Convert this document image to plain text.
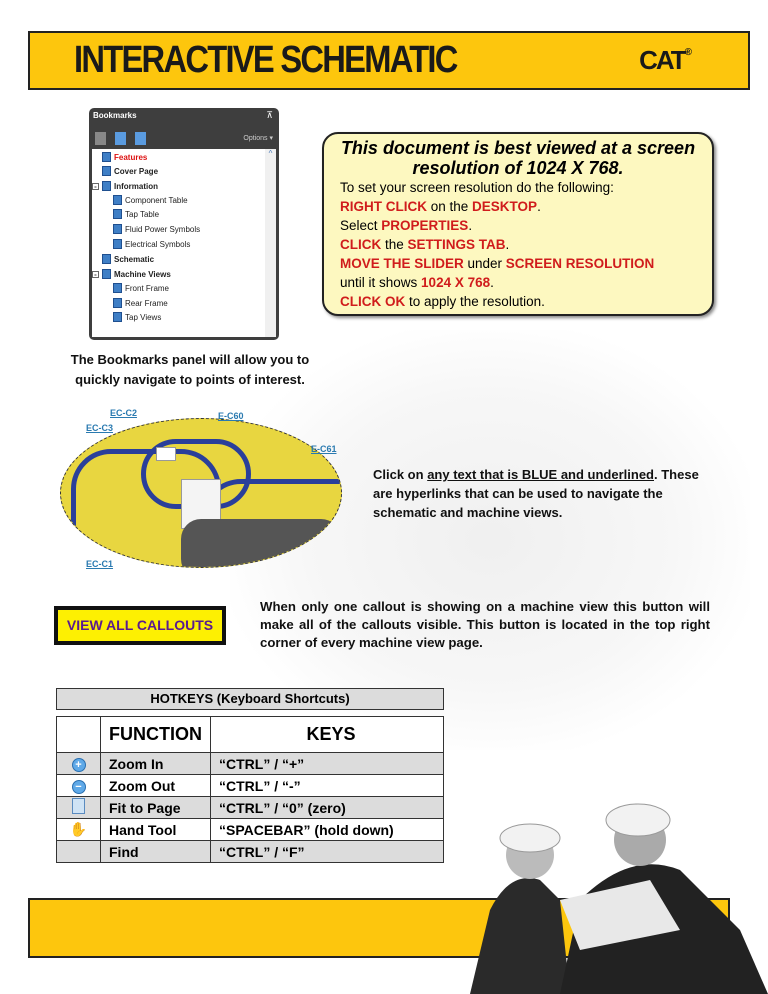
INTERACTIVE SCHEMATIC	CAT®
Bookmarks	⊼
Options ▾
Features
Cover Page
- Information
Component Table
Tap Table
Fluid Power Symbols
Electrical Symbols
Schematic
- Machine Views
Front Frame
Rear Frame
Tap Views
^	This document is best viewed at a screen resolution of 1024 X 768.
To set your screen resolution do the following:
RIGHT CLICK on the DESKTOP.
Select PROPERTIES.
CLICK the SETTINGS TAB.
MOVE THE SLIDER under SCREEN RESOLUTION
until it shows 1024 X 768.
CLICK OK to apply the resolution.
The Bookmarks panel will allow you to quickly navigate to points of interest.
EC-C2	E-C60
EC-C3
E-C61
EC-C1
Click on any text that is BLUE and underlined. These are hyperlinks that can be used to navigate the schematic and machine views.
VIEW ALL CALLOUTS
When only one callout is showing on a machine view this button will make all of the callouts visible. This button is located in the top right corner of every machine view page.
HOTKEYS (Keyboard Shortcuts)
	FUNCTION	KEYS
+	Zoom In	“CTRL” / “+”
−	Zoom Out	“CTRL” / “-”
	Fit to Page	“CTRL” / “0” (zero)
✋	Hand Tool	“SPACEBAR” (hold down)
	Find	“CTRL” / “F”
